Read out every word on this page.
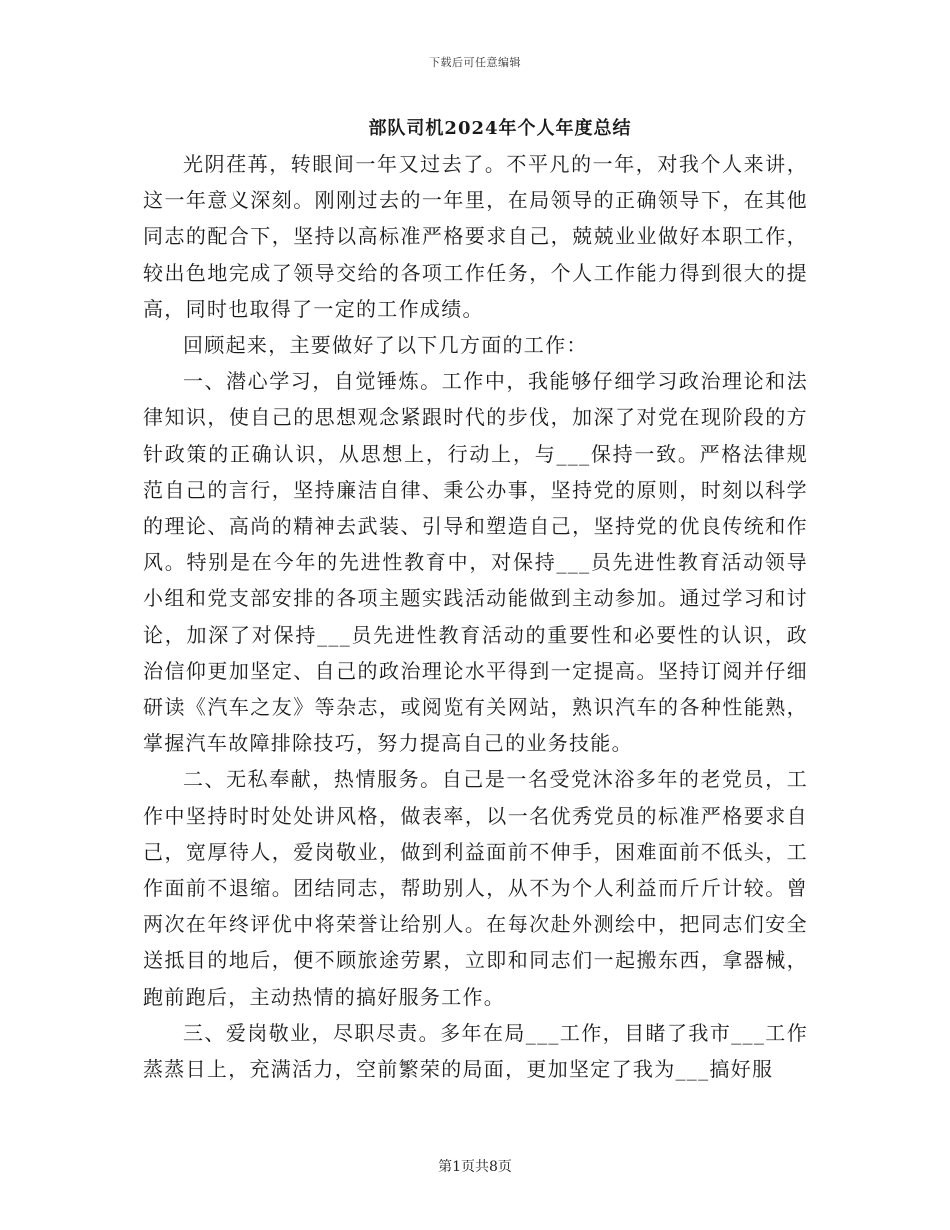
下载后可任意编辑
部队司机2024年个人年度总结

光阴荏苒，转眼间一年又过去了。不平凡的一年，对我个人来讲，这一年意义深刻。刚刚过去的一年里，在局领导的正确领导下，在其他同志的配合下，坚持以高标准严格要求自己，兢兢业业做好本职工作，较出色地完成了领导交给的各项工作任务，个人工作能力得到很大的提高，同时也取得了一定的工作成绩。

回顾起来，主要做好了以下几方面的工作：

一、潜心学习，自觉锤炼。工作中，我能够仔细学习政治理论和法律知识，使自己的思想观念紧跟时代的步伐，加深了对党在现阶段的方针政策的正确认识，从思想上，行动上，与___保持一致。严格法律规范自己的言行，坚持廉洁自律、秉公办事，坚持党的原则，时刻以科学的理论、高尚的精神去武装、引导和塑造自己，坚持党的优良传统和作风。特别是在今年的先进性教育中，对保持___员先进性教育活动领导小组和党支部安排的各项主题实践活动能做到主动参加。通过学习和讨论，加深了对保持___员先进性教育活动的重要性和必要性的认识，政治信仰更加坚定、自己的政治理论水平得到一定提高。坚持订阅并仔细研读《汽车之友》等杂志，或阅览有关网站，熟识汽车的各种性能熟，掌握汽车故障排除技巧，努力提高自己的业务技能。

二、无私奉献，热情服务。自己是一名受党沐浴多年的老党员，工作中坚持时时处处讲风格，做表率，以一名优秀党员的标准严格要求自己，宽厚待人，爱岗敬业，做到利益面前不伸手，困难面前不低头，工作面前不退缩。团结同志，帮助别人，从不为个人利益而斤斤计较。曾两次在年终评优中将荣誉让给别人。在每次赴外测绘中，把同志们安全送抵目的地后，便不顾旅途劳累，立即和同志们一起搬东西，拿器械，跑前跑后，主动热情的搞好服务工作。

三、爱岗敬业，尽职尽责。多年在局___工作，目睹了我市___工作蒸蒸日上，充满活力，空前繁荣的局面，更加坚定了我为___搞好服

第1页共8页
